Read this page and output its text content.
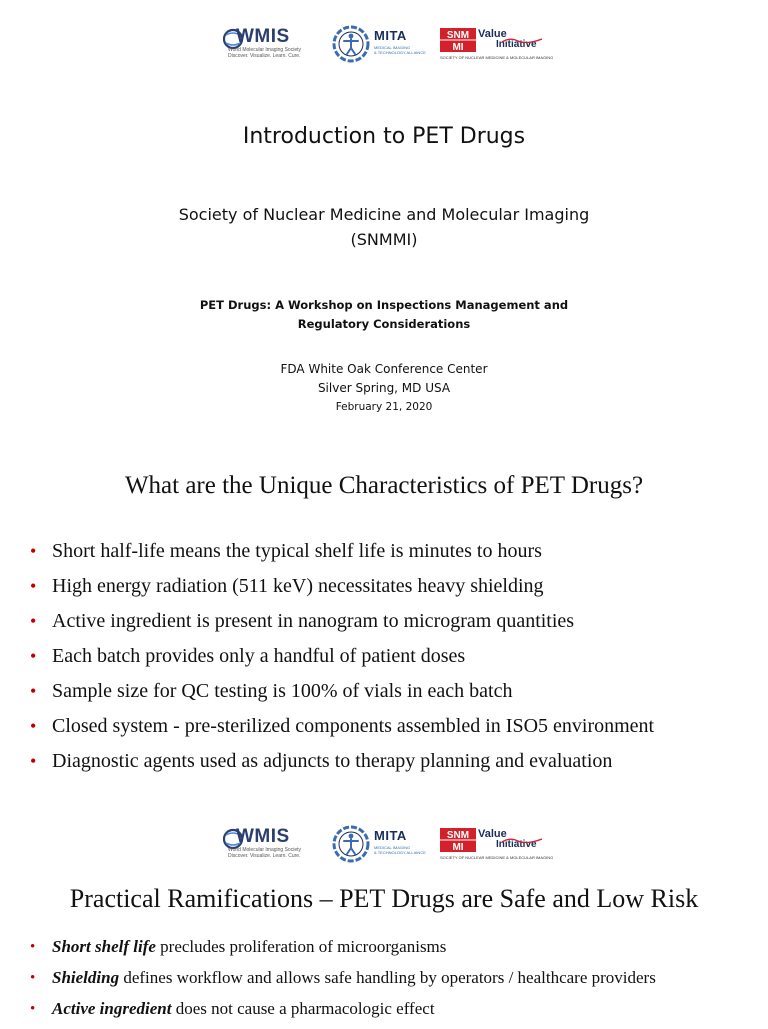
WMIS
World Molecular Imaging Society
Discover. Visualize. Learn. Cure.
MITA
MEDICAL IMAGING
& TECHNOLOGY ALLIANCE
SNM
MI
Value
Initiative
SOCIETY OF NUCLEAR MEDICINE & MOLECULAR IMAGING
Introduction to PET Drugs
Society of Nuclear Medicine and Molecular Imaging
(SNMMI)
PET Drugs: A Workshop on Inspections Management and
Regulatory Considerations
FDA White Oak Conference Center
Silver Spring, MD USA
February 21, 2020
What are the Unique Characteristics of PET Drugs?
• Short half-life means the typical shelf life is minutes to hours
• High energy radiation (511 keV) necessitates heavy shielding
• Active ingredient is present in nanogram to microgram quantities
• Each batch provides only a handful of patient doses
• Sample size for QC testing is 100% of vials in each batch
• Closed system - pre-sterilized components assembled in ISO5 environment
• Diagnostic agents used as adjuncts to therapy planning and evaluation
WMIS
World Molecular Imaging Society
Discover. Visualize. Learn. Cure.
MITA
MEDICAL IMAGING
& TECHNOLOGY ALLIANCE
SNM
MI
Value
Initiative
SOCIETY OF NUCLEAR MEDICINE & MOLECULAR IMAGING
Practical Ramifications – PET Drugs are Safe and Low Risk
• Short shelf life precludes proliferation of microorganisms
• Shielding defines workflow and allows safe handling by operators / healthcare providers
• Active ingredient does not cause a pharmacologic effect
